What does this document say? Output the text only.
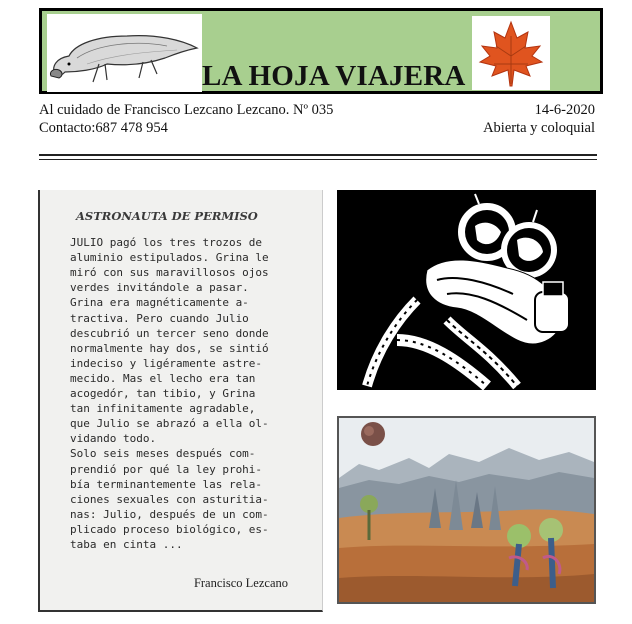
LA HOJA VIAJERA
Al cuidado de Francisco Lezcano Lezcano. Nº 035	14-6-2020
Contacto:687 478 954	Abierta y coloquial
ASTRONAUTA DE PERMISO
JULIO pagó los tres trozos de
aluminio estipulados. Grina le
miró con sus maravillosos ojos
verdes invitándole a pasar.
Grina era magnéticamente a-
tractiva. Pero cuando Julio
descubrió un tercer seno donde
normalmente hay dos, se sintió
indeciso y ligéramente astre-
mecido. Mas el lecho era tan
acogedór, tan tibio, y Grina
tan infinitamente agradable,
que Julio se abrazó a ella ol-
vidando todo.
Solo seis meses después com-
prendió por qué la ley prohi-
bía terminantemente las rela-
ciones sexuales con asturitia-
nas: Julio, después de un com-
plicado proceso biológico, es-
taba en cinta ...
Francisco Lezcano
